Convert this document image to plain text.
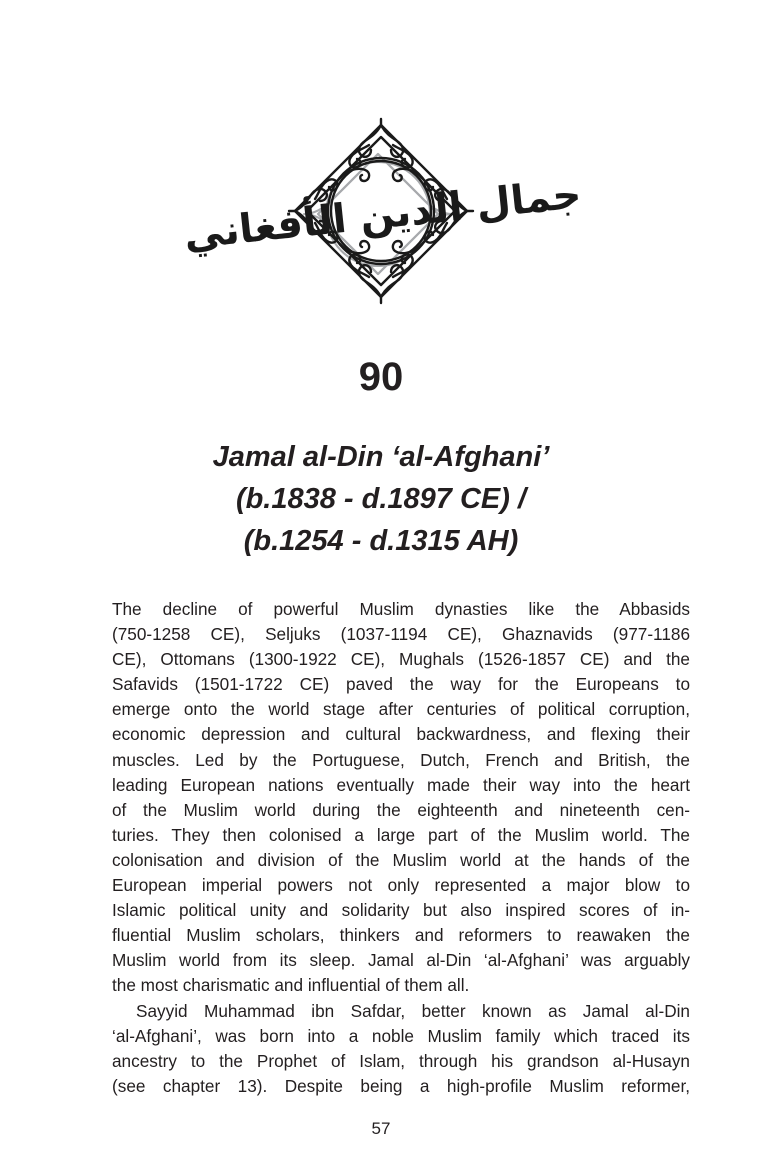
جمال الدين الأفغاني
90
Jamal al-Din ‘al-Afghani’
(b.1838 - d.1897 CE) /
(b.1254 - d.1315 AH)

The decline of powerful Muslim dynasties like the Abbasids
(750-1258 CE), Seljuks (1037-1194 CE), Ghaznavids (977-1186
CE), Ottomans (1300-1922 CE), Mughals (1526-1857 CE) and the
Safavids (1501-1722 CE) paved the way for the Europeans to
emerge onto the world stage after centuries of political corruption,
economic depression and cultural backwardness, and flexing their
muscles. Led by the Portuguese, Dutch, French and British, the
leading European nations eventually made their way into the heart
of the Muslim world during the eighteenth and nineteenth cen-
turies. They then colonised a large part of the Muslim world. The
colonisation and division of the Muslim world at the hands of the
European imperial powers not only represented a major blow to
Islamic political unity and solidarity but also inspired scores of in-
fluential Muslim scholars, thinkers and reformers to reawaken the
Muslim world from its sleep. Jamal al-Din ‘al-Afghani’ was arguably
the most charismatic and influential of them all.

Sayyid Muhammad ibn Safdar, better known as Jamal al-Din
‘al-Afghani’, was born into a noble Muslim family which traced its
ancestry to the Prophet of Islam, through his grandson al-Husayn
(see chapter 13). Despite being a high-profile Muslim reformer,

57
